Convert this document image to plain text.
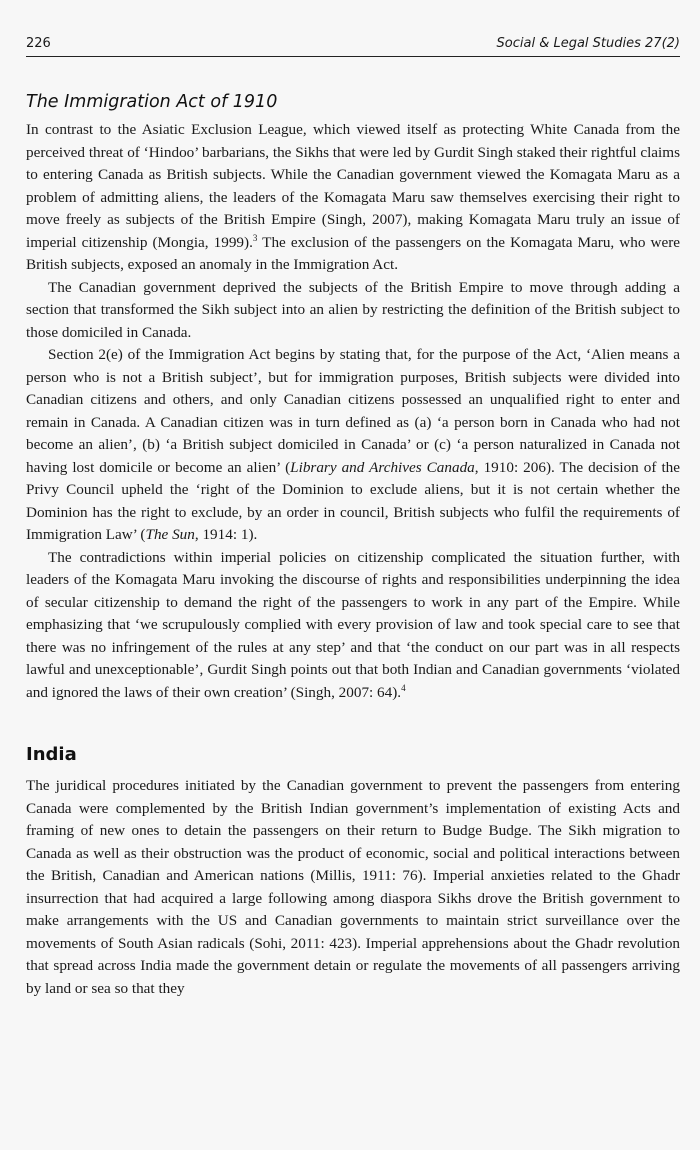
226	Social & Legal Studies 27(2)
The Immigration Act of 1910

In contrast to the Asiatic Exclusion League, which viewed itself as protecting White Canada from the perceived threat of ‘Hindoo’ barbarians, the Sikhs that were led by Gurdit Singh staked their rightful claims to entering Canada as British subjects. While the Canadian government viewed the Komagata Maru as a problem of admitting aliens, the leaders of the Komagata Maru saw themselves exercising their right to move freely as subjects of the British Empire (Singh, 2007), making Komagata Maru truly an issue of imperial citizenship (Mongia, 1999).$^3$ The exclusion of the passengers on the Komagata Maru, who were British subjects, exposed an anomaly in the Immigration Act.

The Canadian government deprived the subjects of the British Empire to move through adding a section that transformed the Sikh subject into an alien by restricting the definition of the British subject to those domiciled in Canada.

Section 2(e) of the Immigration Act begins by stating that, for the purpose of the Act, ‘Alien means a person who is not a British subject’, but for immigration purposes, British subjects were divided into Canadian citizens and others, and only Canadian citizens possessed an unqualified right to enter and remain in Canada. A Canadian citizen was in turn defined as (a) ‘a person born in Canada who had not become an alien’, (b) ‘a British subject domiciled in Canada’ or (c) ‘a person naturalized in Canada not having lost domicile or become an alien’ (Library and Archives Canada, 1910: 206). The decision of the Privy Council upheld the ‘right of the Dominion to exclude aliens, but it is not certain whether the Dominion has the right to exclude, by an order in council, British subjects who fulfil the requirements of Immigration Law’ (The Sun, 1914: 1).

The contradictions within imperial policies on citizenship complicated the situation further, with leaders of the Komagata Maru invoking the discourse of rights and responsibilities underpinning the idea of secular citizenship to demand the right of the passengers to work in any part of the Empire. While emphasizing that ‘we scrupulously complied with every provision of law and took special care to see that there was no infringement of the rules at any step’ and that ‘the conduct on our part was in all respects lawful and unexceptionable’, Gurdit Singh points out that both Indian and Canadian governments ‘violated and ignored the laws of their own creation’ (Singh, 2007: 64).$^4$

India

The juridical procedures initiated by the Canadian government to prevent the passengers from entering Canada were complemented by the British Indian government’s implementation of existing Acts and framing of new ones to detain the passengers on their return to Budge Budge. The Sikh migration to Canada as well as their obstruction was the product of economic, social and political interactions between the British, Canadian and American nations (Millis, 1911: 76). Imperial anxieties related to the Ghadr insurrection that had acquired a large following among diaspora Sikhs drove the British government to make arrangements with the US and Canadian governments to maintain strict surveillance over the movements of South Asian radicals (Sohi, 2011: 423). Imperial apprehensions about the Ghadr revolution that spread across India made the government detain or regulate the movements of all passengers arriving by land or sea so that they
